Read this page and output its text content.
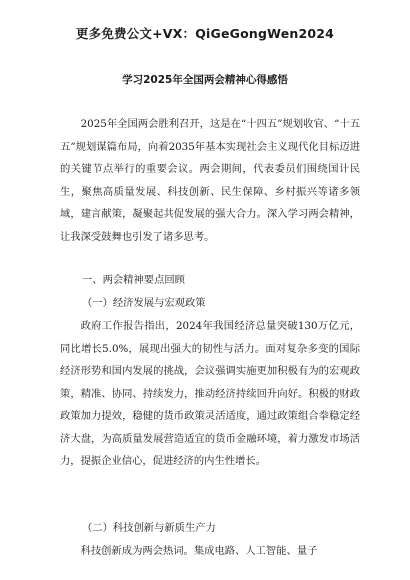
更多免费公文+VX：QiGeGongWen2024
学习2025年全国两会精神心得感悟
2025年全国两会胜利召开，这是在“十四五”规划收官、“十五五”规划谋篇布局，向着2035年基本实现社会主义现代化目标迈进的关键节点举行的重要会议。两会期间，代表委员们围绕国计民生，聚焦高质量发展、科技创新、民生保障、乡村振兴等诸多领域，建言献策，凝聚起共促发展的强大合力。深入学习两会精神，让我深受鼓舞也引发了诸多思考。
一、两会精神要点回顾
（一）经济发展与宏观政策
政府工作报告指出，2024年我国经济总量突破130万亿元，同比增长5.0%，展现出强大的韧性与活力。面对复杂多变的国际经济形势和国内发展的挑战，会议强调实施更加积极有为的宏观政策，精准、协同、持续发力，推动经济持续回升向好。积极的财政政策加力提效，稳健的货币政策灵活适度，通过政策组合拳稳定经济大盘，为高质量发展营造适宜的货币金融环境，着力激发市场活力，提振企业信心，促进经济的内生性增长。
（二）科技创新与新质生产力
科技创新成为两会热词。集成电路、人工智能、量子
